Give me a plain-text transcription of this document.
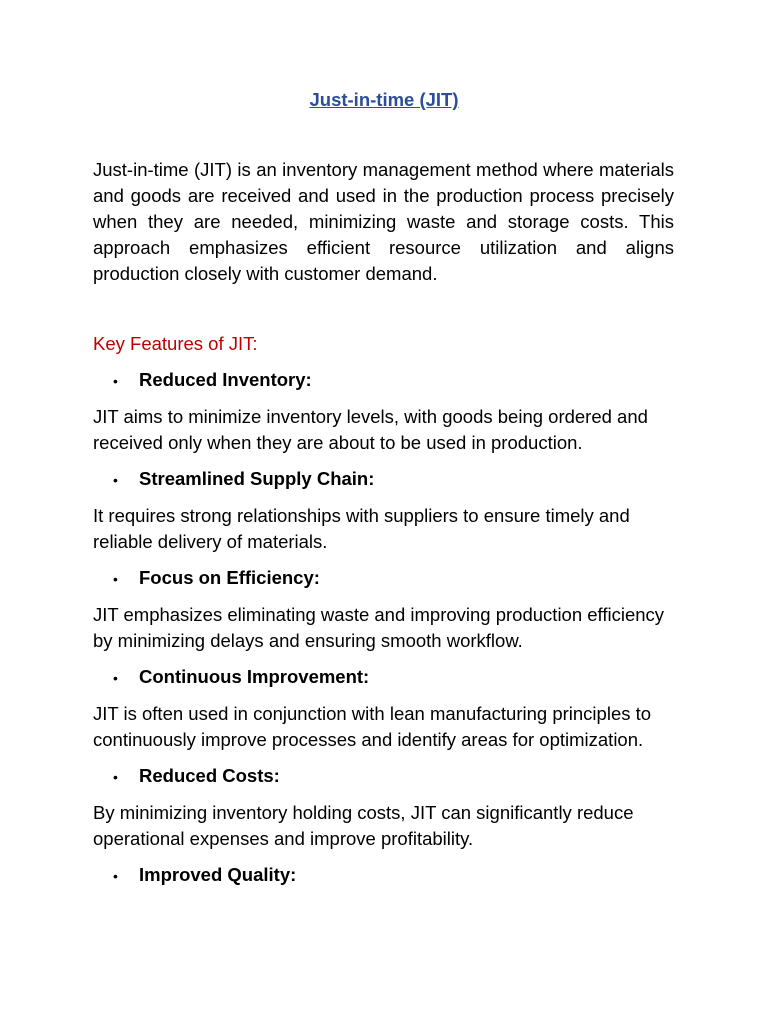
Just-in-time (JIT)

Just-in-time (JIT) is an inventory management method where materials and goods are received and used in the production process precisely when they are needed, minimizing waste and storage costs. This approach emphasizes efficient resource utilization and aligns production closely with customer demand.

Key Features of JIT:

•	Reduced Inventory:

JIT aims to minimize inventory levels, with goods being ordered and received only when they are about to be used in production.

•	Streamlined Supply Chain:

It requires strong relationships with suppliers to ensure timely and reliable delivery of materials.

•	Focus on Efficiency:

JIT emphasizes eliminating waste and improving production efficiency by minimizing delays and ensuring smooth workflow.

•	Continuous Improvement:

JIT is often used in conjunction with lean manufacturing principles to continuously improve processes and identify areas for optimization.

•	Reduced Costs:

By minimizing inventory holding costs, JIT can significantly reduce operational expenses and improve profitability.

•	Improved Quality:
